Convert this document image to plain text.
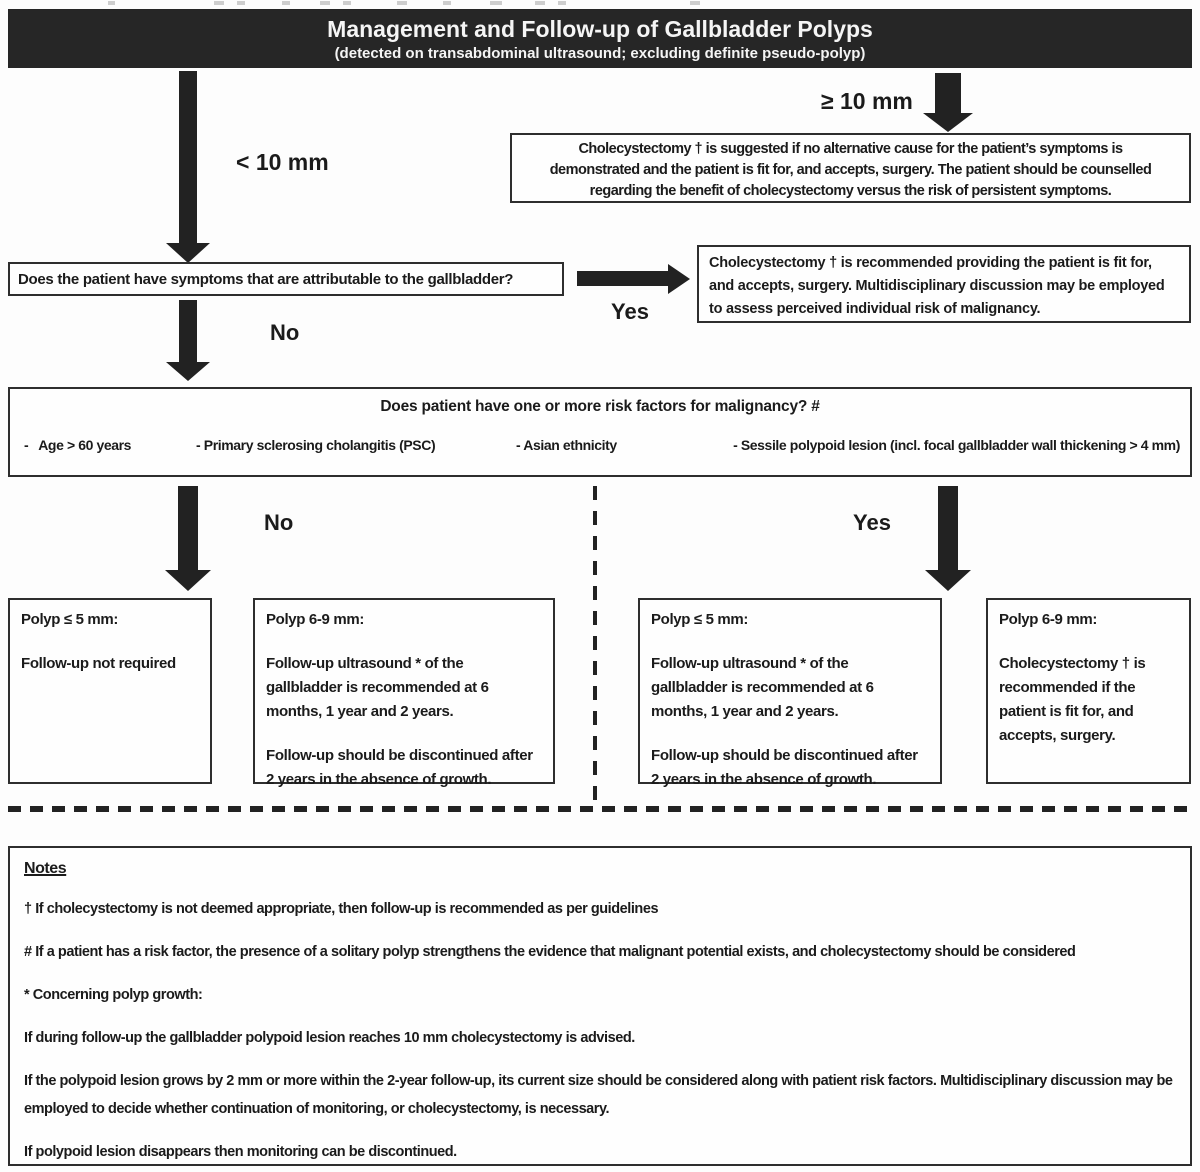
Management and Follow-up of Gallbladder Polyps
(detected on transabdominal ultrasound; excluding definite pseudo-polyp)
< 10 mm
≥ 10 mm
Cholecystectomy † is suggested if no alternative cause for the patient’s symptoms is
demonstrated and the patient is fit for, and accepts, surgery. The patient should be counselled
regarding the benefit of cholecystectomy versus the risk of persistent symptoms.
Does the patient have symptoms that are attributable to the gallbladder?
Yes
Cholecystectomy † is recommended providing the patient is fit for,
and accepts, surgery. Multidisciplinary discussion may be employed
to assess perceived individual risk of malignancy.
No
Does patient have one or more risk factors for malignancy? #
-   Age > 60 years	- Primary sclerosing cholangitis (PSC)	- Asian ethnicity	- Sessile polypoid lesion (incl. focal gallbladder wall thickening > 4 mm)
No	Yes
Polyp ≤ 5 mm:
Follow-up not required
Polyp 6-9 mm:
Follow-up ultrasound * of the
gallbladder is recommended at 6
months, 1 year and 2 years.
Follow-up should be discontinued after
2 years in the absence of growth.
Polyp ≤ 5 mm:
Follow-up ultrasound * of the
gallbladder is recommended at 6
months, 1 year and 2 years.
Follow-up should be discontinued after
2 years in the absence of growth.
Polyp 6-9 mm:
Cholecystectomy † is
recommended if the
patient is fit for, and
accepts, surgery.
Notes
† If cholecystectomy is not deemed appropriate, then follow-up is recommended as per guidelines
# If a patient has a risk factor, the presence of a solitary polyp strengthens the evidence that malignant potential exists, and cholecystectomy should be considered
* Concerning polyp growth:
If during follow-up the gallbladder polypoid lesion reaches 10 mm cholecystectomy is advised.
If the polypoid lesion grows by 2 mm or more within the 2-year follow-up, its current size should be considered along with patient risk factors. Multidisciplinary discussion may be employed to decide whether continuation of monitoring, or cholecystectomy, is necessary.
If polypoid lesion disappears then monitoring can be discontinued.
